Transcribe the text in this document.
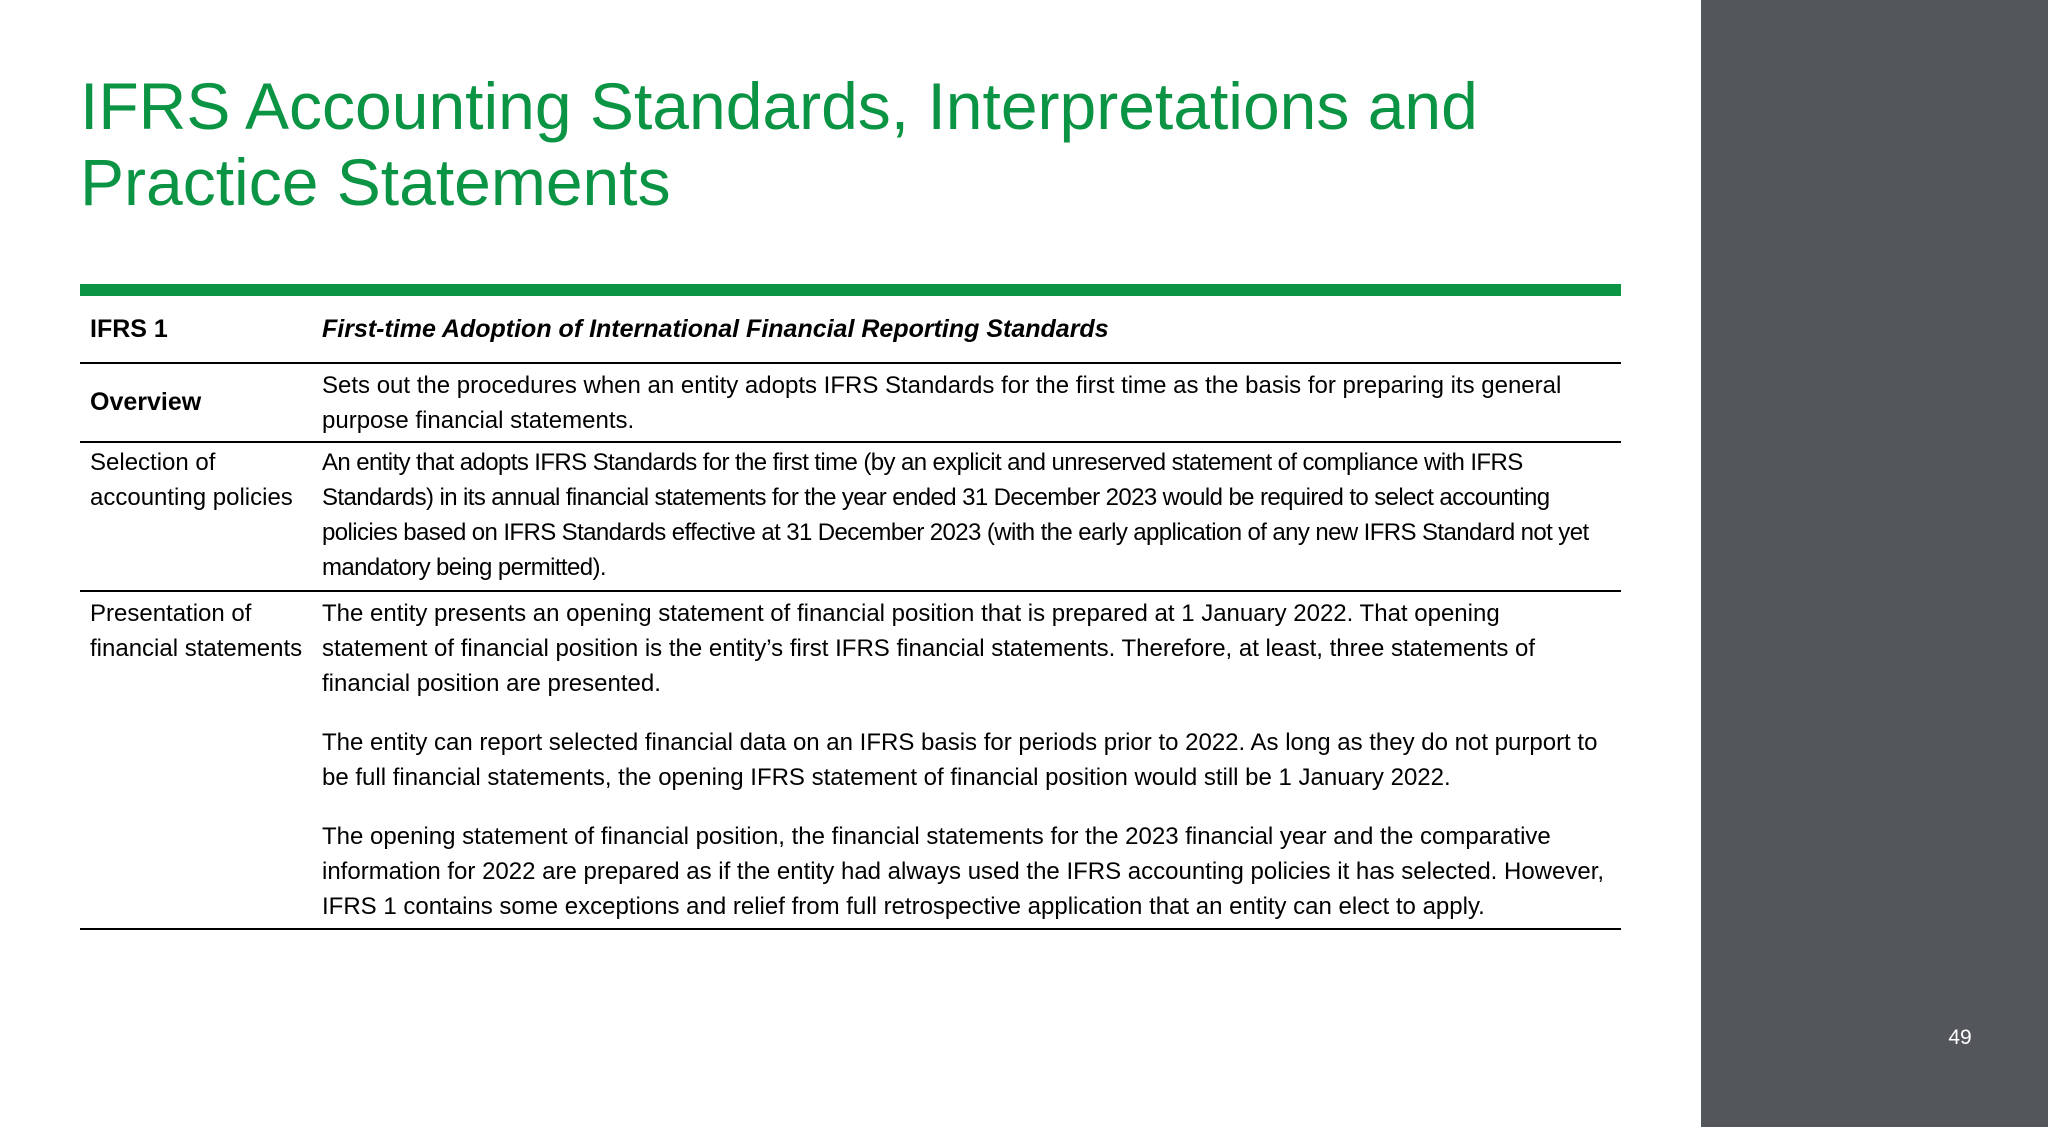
IFRS Accounting Standards, Interpretations and
Practice Statements
IFRS 1	First-time Adoption of International Financial Reporting Standards
Overview
Sets out the procedures when an entity adopts IFRS Standards for the first time as the basis for preparing its general purpose financial statements.
Selection of accounting policies
An entity that adopts IFRS Standards for the first time (by an explicit and unreserved statement of compliance with IFRS Standards) in its annual financial statements for the year ended 31 December 2023 would be required to select accounting policies based on IFRS Standards effective at 31 December 2023 (with the early application of any new IFRS Standard not yet mandatory being permitted).
Presentation of financial statements

The entity presents an opening statement of financial position that is prepared at 1 January 2022. That opening statement of financial position is the entity’s first IFRS financial statements. Therefore, at least, three statements of financial position are presented.

The entity can report selected financial data on an IFRS basis for periods prior to 2022. As long as they do not purport to be full financial statements, the opening IFRS statement of financial position would still be 1 January 2022.

The opening statement of financial position, the financial statements for the 2023 financial year and the comparative information for 2022 are prepared as if the entity had always used the IFRS accounting policies it has selected. However, IFRS 1 contains some exceptions and relief from full retrospective application that an entity can elect to apply.

49
